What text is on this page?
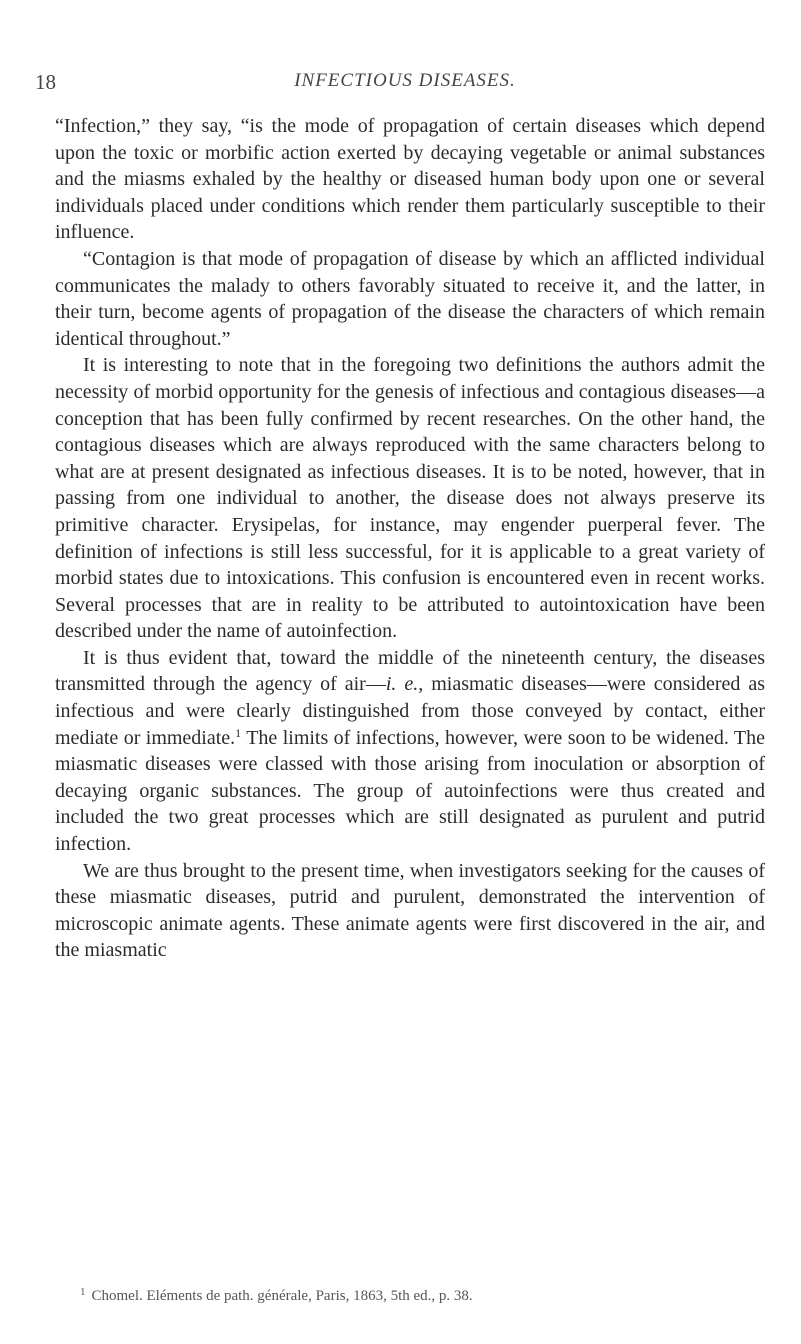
18	INFECTIOUS DISEASES.

“Infection,” they say, “is the mode of propagation of certain diseases which depend upon the toxic or morbific action exerted by decaying vegetable or animal substances and the miasms exhaled by the healthy or diseased human body upon one or several individuals placed under conditions which render them particularly susceptible to their influence.

“Contagion is that mode of propagation of disease by which an afflicted individual communicates the malady to others favorably situated to receive it, and the latter, in their turn, become agents of propagation of the disease the characters of which remain identical throughout.”

It is interesting to note that in the foregoing two definitions the authors admit the necessity of morbid opportunity for the genesis of infectious and contagious diseases—a conception that has been fully confirmed by recent researches. On the other hand, the contagious diseases which are always reproduced with the same characters belong to what are at present designated as infectious diseases. It is to be noted, however, that in passing from one individual to another, the disease does not always preserve its primitive character. Erysipelas, for instance, may engender puerperal fever. The definition of infections is still less successful, for it is applicable to a great variety of morbid states due to intoxications. This confusion is encountered even in recent works. Several processes that are in reality to be attributed to autointoxication have been described under the name of autoinfection.

It is thus evident that, toward the middle of the nineteenth century, the diseases transmitted through the agency of air—i. e., miasmatic diseases—were considered as infectious and were clearly distinguished from those conveyed by contact, either mediate or immediate.$^1$ The limits of infections, however, were soon to be widened. The miasmatic diseases were classed with those arising from inoculation or absorption of decaying organic substances. The group of autoinfections were thus created and included the two great processes which are still designated as purulent and putrid infection.

We are thus brought to the present time, when investigators seeking for the causes of these miasmatic diseases, putrid and purulent, demonstrated the intervention of microscopic animate agents. These animate agents were first discovered in the air, and the miasmatic

$^1$ Chomel. Eléments de path. générale, Paris, 1863, 5th ed., p. 38.
